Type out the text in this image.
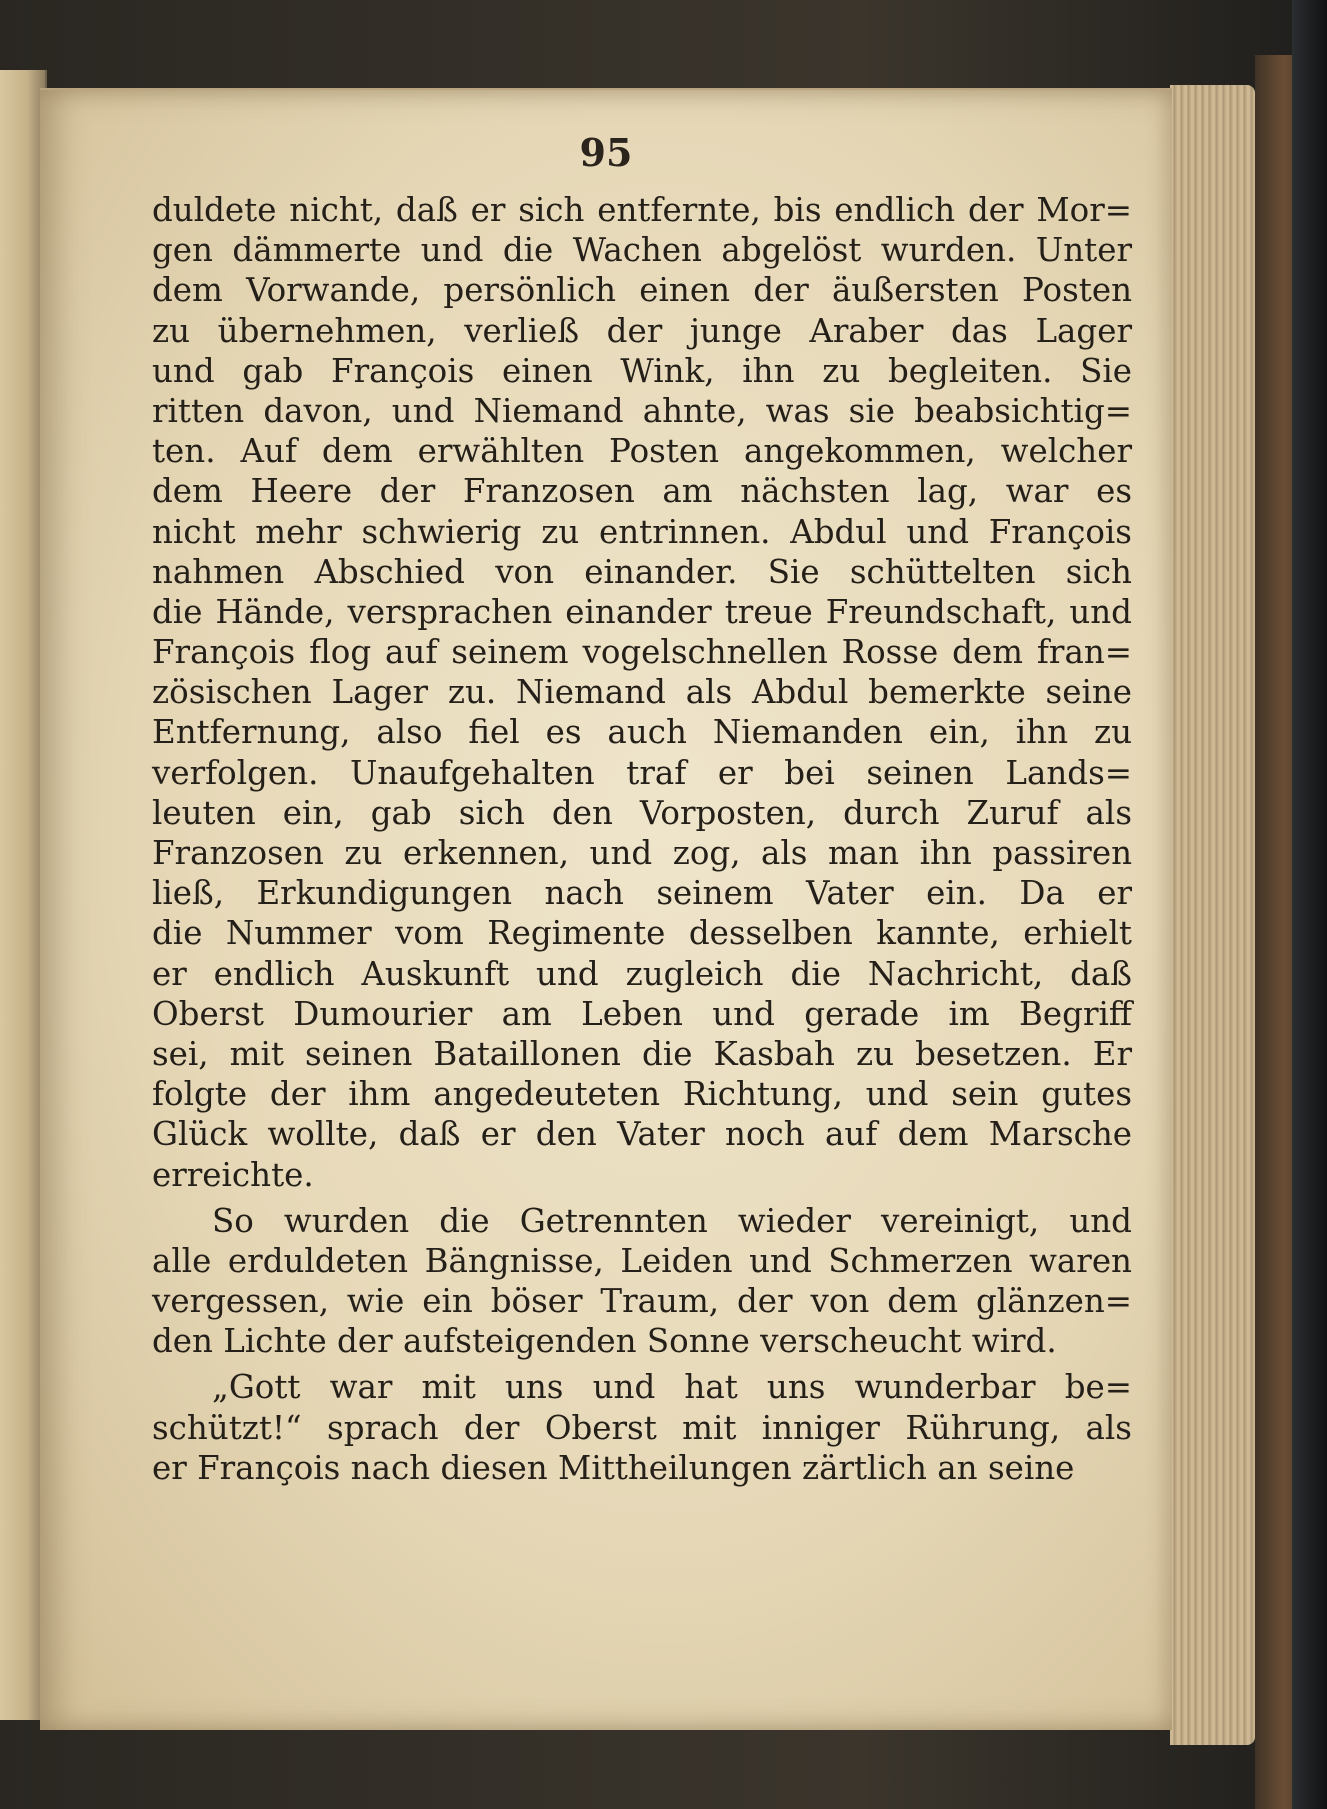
95
duldete nicht, daß er sich entfernte, bis endlich der Mor=
gen dämmerte und die Wachen abgelöst wurden. Unter
dem Vorwande, persönlich einen der äußersten Posten
zu übernehmen, verließ der junge Araber das Lager
und gab François einen Wink, ihn zu begleiten. Sie
ritten davon, und Niemand ahnte, was sie beabsichtig=
ten. Auf dem erwählten Posten angekommen, welcher
dem Heere der Franzosen am nächsten lag, war es
nicht mehr schwierig zu entrinnen. Abdul und François
nahmen Abschied von einander. Sie schüttelten sich
die Hände, versprachen einander treue Freundschaft, und
François flog auf seinem vogelschnellen Rosse dem fran=
zösischen Lager zu. Niemand als Abdul bemerkte seine
Entfernung, also fiel es auch Niemanden ein, ihn zu
verfolgen. Unaufgehalten traf er bei seinen Lands=
leuten ein, gab sich den Vorposten, durch Zuruf als
Franzosen zu erkennen, und zog, als man ihn passiren
ließ, Erkundigungen nach seinem Vater ein. Da er
die Nummer vom Regimente desselben kannte, erhielt
er endlich Auskunft und zugleich die Nachricht, daß
Oberst Dumourier am Leben und gerade im Begriff
sei, mit seinen Bataillonen die Kasbah zu besetzen. Er
folgte der ihm angedeuteten Richtung, und sein gutes
Glück wollte, daß er den Vater noch auf dem Marsche
erreichte.
So wurden die Getrennten wieder vereinigt, und
alle erduldeten Bängnisse, Leiden und Schmerzen waren
vergessen, wie ein böser Traum, der von dem glänzen=
den Lichte der aufsteigenden Sonne verscheucht wird.
„Gott war mit uns und hat uns wunderbar be=
schützt!“ sprach der Oberst mit inniger Rührung, als
er François nach diesen Mittheilungen zärtlich an seine
